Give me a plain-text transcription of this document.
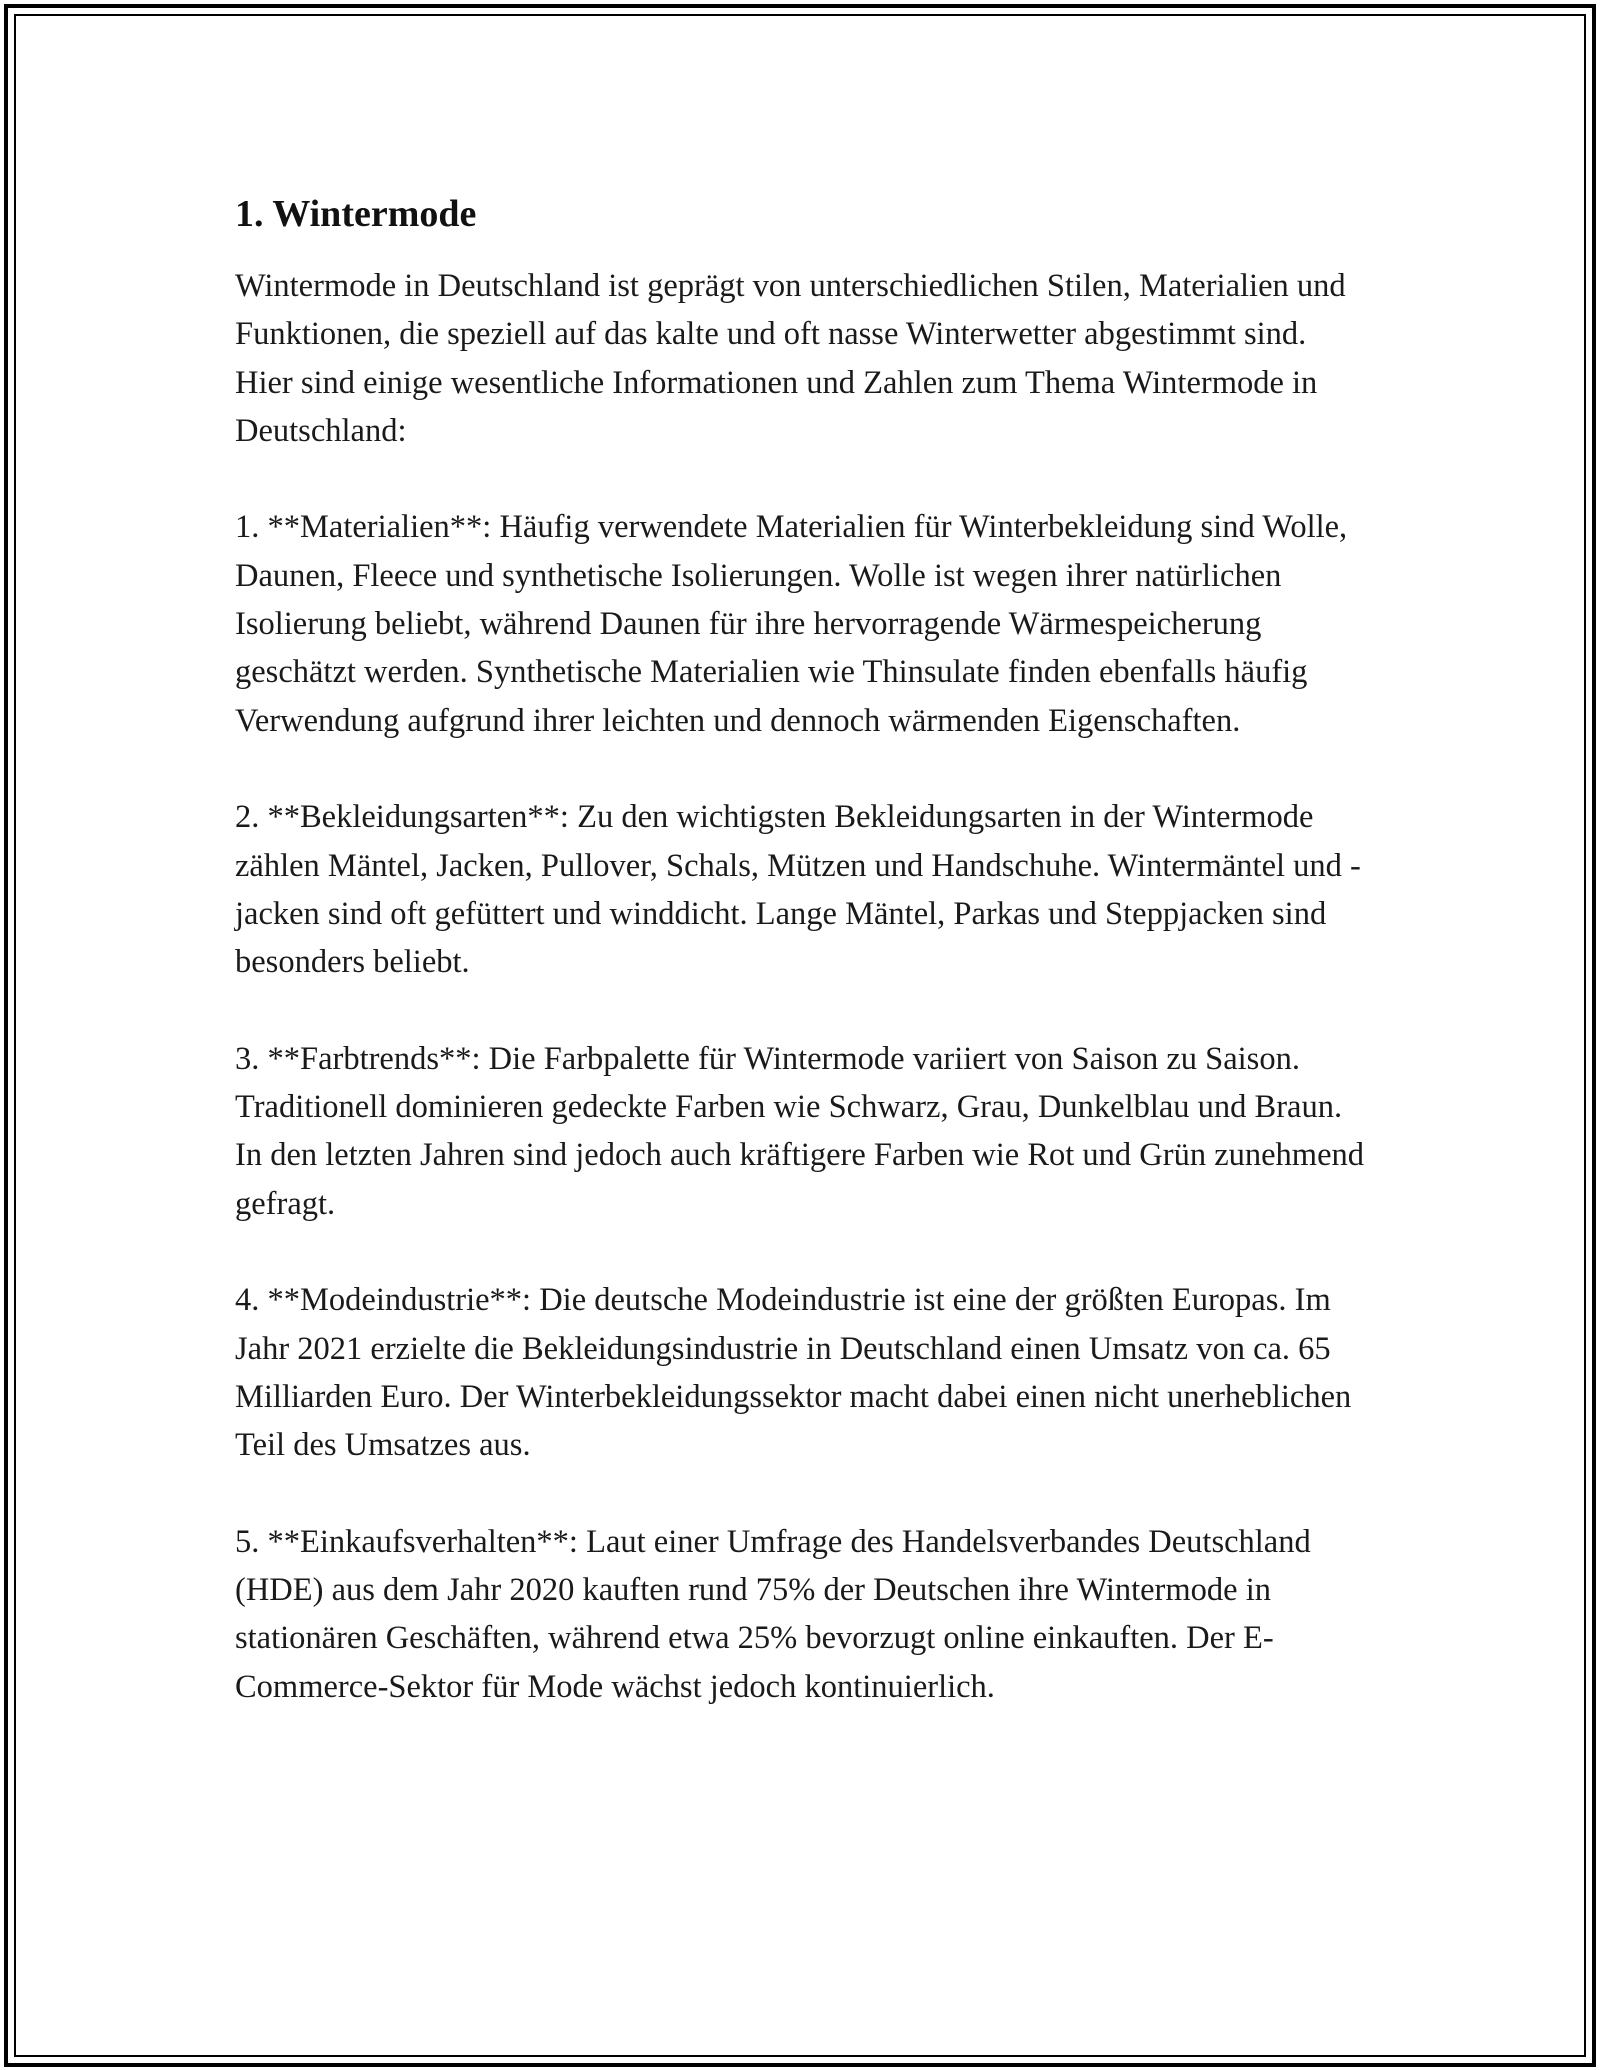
1. Wintermode

Wintermode in Deutschland ist geprägt von unterschiedlichen Stilen, Materialien und Funktionen, die speziell auf das kalte und oft nasse Winterwetter abgestimmt sind. Hier sind einige wesentliche Informationen und Zahlen zum Thema Wintermode in Deutschland:

1. **Materialien**: Häufig verwendete Materialien für Winterbekleidung sind Wolle, Daunen, Fleece und synthetische Isolierungen. Wolle ist wegen ihrer natürlichen Isolierung beliebt, während Daunen für ihre hervorragende Wärmespeicherung geschätzt werden. Synthetische Materialien wie Thinsulate finden ebenfalls häufig Verwendung aufgrund ihrer leichten und dennoch wärmenden Eigenschaften.

2. **Bekleidungsarten**: Zu den wichtigsten Bekleidungsarten in der Wintermode zählen Mäntel, Jacken, Pullover, Schals, Mützen und Handschuhe. Wintermäntel und -jacken sind oft gefüttert und winddicht. Lange Mäntel, Parkas und Steppjacken sind besonders beliebt.

3. **Farbtrends**: Die Farbpalette für Wintermode variiert von Saison zu Saison. Traditionell dominieren gedeckte Farben wie Schwarz, Grau, Dunkelblau und Braun. In den letzten Jahren sind jedoch auch kräftigere Farben wie Rot und Grün zunehmend gefragt.

4. **Modeindustrie**: Die deutsche Modeindustrie ist eine der größten Europas. Im Jahr 2021 erzielte die Bekleidungsindustrie in Deutschland einen Umsatz von ca. 65 Milliarden Euro. Der Winterbekleidungssektor macht dabei einen nicht unerheblichen Teil des Umsatzes aus.

5. **Einkaufsverhalten**: Laut einer Umfrage des Handelsverbandes Deutschland (HDE) aus dem Jahr 2020 kauften rund 75% der Deutschen ihre Wintermode in stationären Geschäften, während etwa 25% bevorzugt online einkauften. Der E-Commerce-Sektor für Mode wächst jedoch kontinuierlich.
